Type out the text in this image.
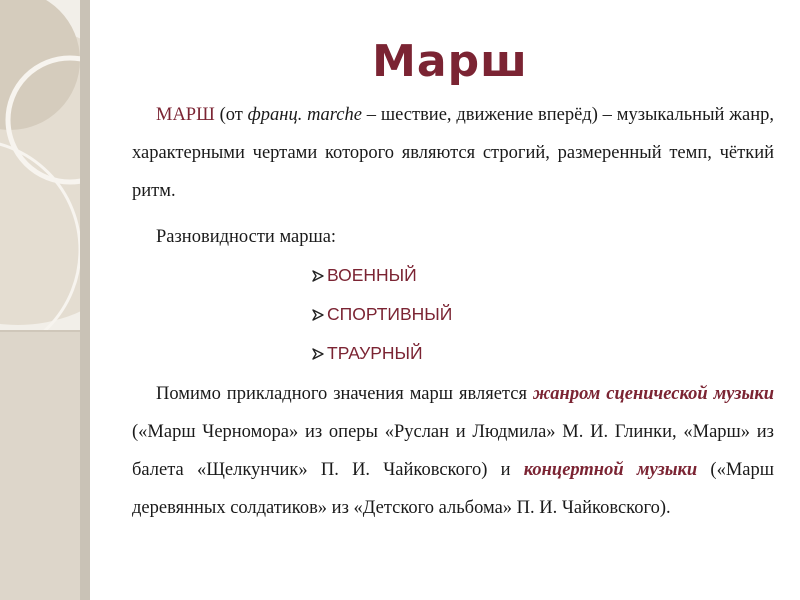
Марш

МАРШ (от франц. marche – шествие, движение вперёд) – музыкальный жанр, характерными чертами которого являются строгий, размеренный темп, чёткий ритм.

Разновидности марша:

ВОЕННЫЙ
СПОРТИВНЫЙ
ТРАУРНЫЙ

Помимо прикладного значения марш является жанром сценической музыки («Марш Черномора» из оперы «Руслан и Людмила» М. И. Глинки, «Марш» из балета «Щелкунчик» П. И. Чайковского) и концертной музыки («Марш деревянных солдатиков» из «Детского альбома» П. И. Чайковского).
